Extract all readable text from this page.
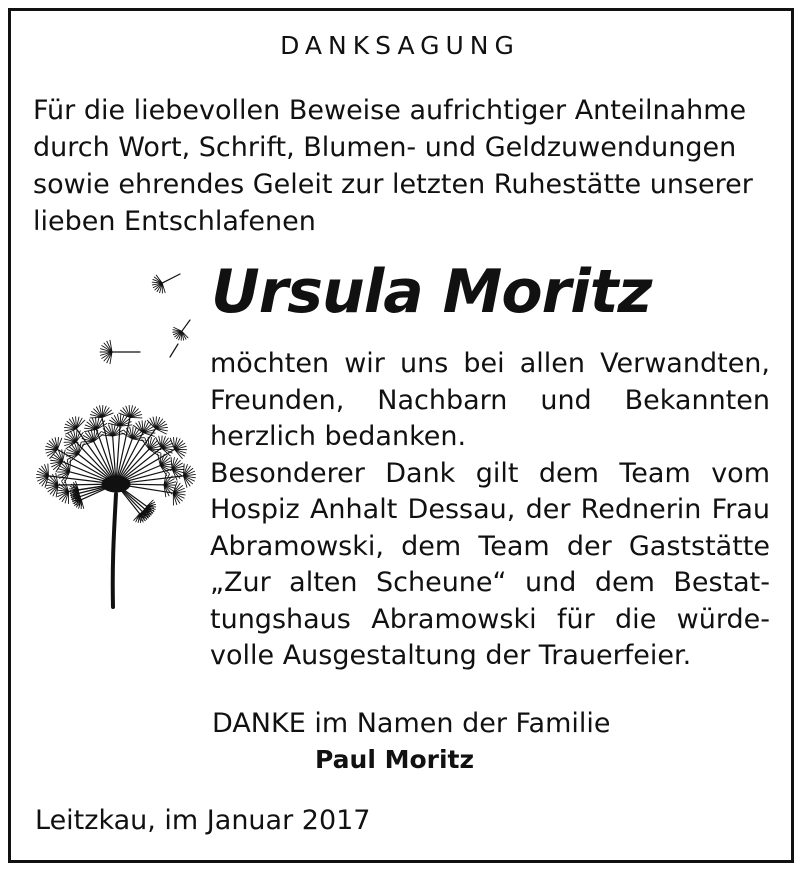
DANKSAGUNG
Für die liebevollen Beweise aufrichtiger Anteilnahme
durch Wort, Schrift, Blumen- und Geldzuwendungen
sowie ehrendes Geleit zur letzten Ruhestätte unserer
lieben Entschlafenen
Ursula Moritz
möchten wir uns bei allen Verwandten,
Freunden, Nachbarn und Bekannten
herzlich bedanken.
Besonderer Dank gilt dem Team vom
Hospiz Anhalt Dessau, der Rednerin Frau
Abramowski, dem Team der Gaststätte
„Zur alten Scheune“ und dem Bestat-
tungshaus Abramowski für die würde-
volle Ausgestaltung der Trauerfeier.
DANKE im Namen der Familie
Paul Moritz
Leitzkau, im Januar 2017
